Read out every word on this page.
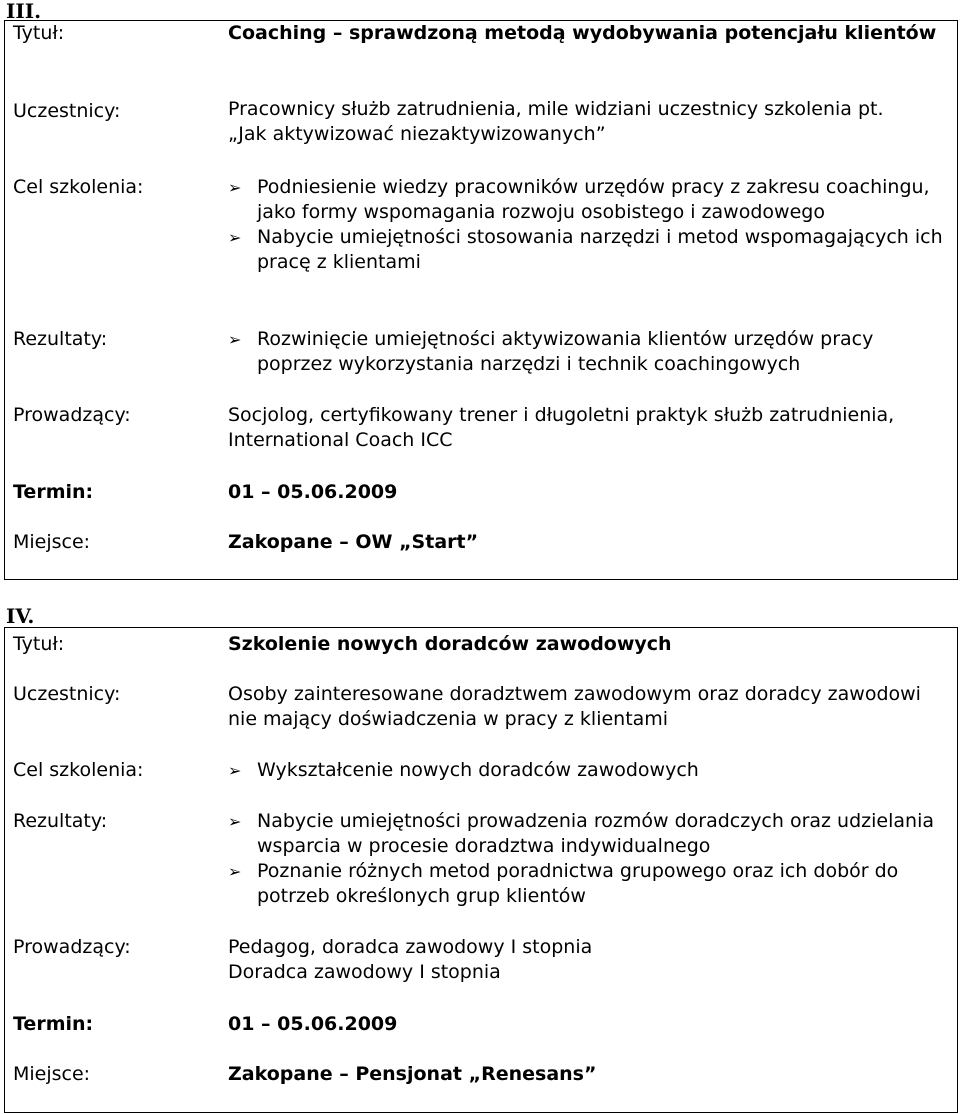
III.
Tytuł:	Coaching – sprawdzoną metodą wydobywania potencjału klientów
Uczestnicy:	Pracownicy służb zatrudnienia, mile widziani uczestnicy szkolenia pt.
„Jak aktywizować niezaktywizowanych”
Cel szkolenia:	➢ Podniesienie wiedzy pracowników urzędów pracy z zakresu coachingu, jako formy wspomagania rozwoju osobistego i zawodowego
➢ Nabycie umiejętności stosowania narzędzi i metod wspomagających ich pracę z klientami
Rezultaty:	➢ Rozwinięcie umiejętności aktywizowania klientów urzędów pracy poprzez wykorzystania narzędzi i technik coachingowych
Prowadzący:	Socjolog, certyfikowany trener i długoletni praktyk służb zatrudnienia, International Coach ICC
Termin:	01 – 05.06.2009
Miejsce:	Zakopane – OW „Start”
IV.
Tytuł:	Szkolenie nowych doradców zawodowych
Uczestnicy:	Osoby zainteresowane doradztwem zawodowym oraz doradcy zawodowi nie mający doświadczenia w pracy z klientami
Cel szkolenia:	➢ Wykształcenie nowych doradców zawodowych
Rezultaty:	➢ Nabycie umiejętności prowadzenia rozmów doradczych oraz udzielania wsparcia w procesie doradztwa indywidualnego
➢ Poznanie różnych metod poradnictwa grupowego oraz ich dobór do potrzeb określonych grup klientów
Prowadzący:	Pedagog, doradca zawodowy I stopnia
Doradca zawodowy I stopnia
Termin:	01 – 05.06.2009
Miejsce:	Zakopane – Pensjonat „Renesans”
